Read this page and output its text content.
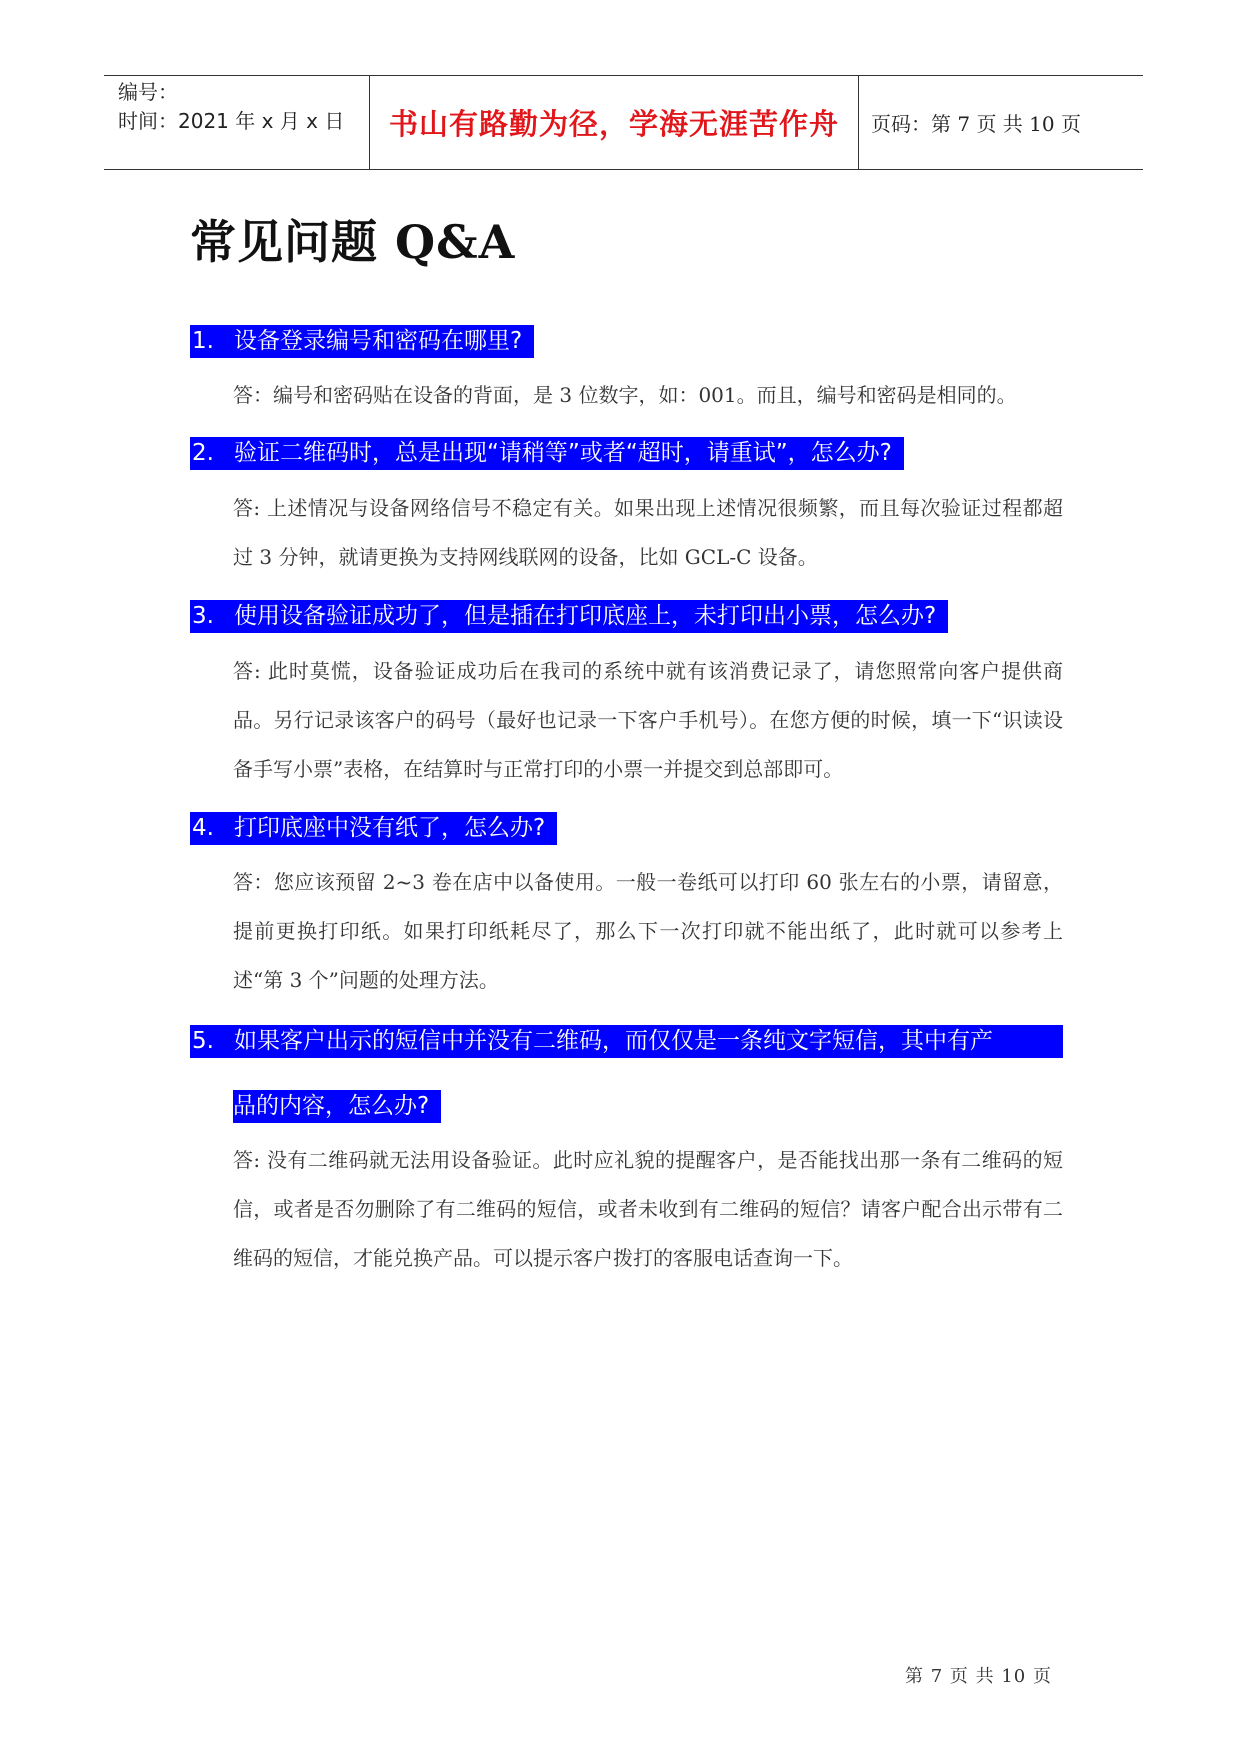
编号：
时间：2021 年 x 月 x 日	书山有路勤为径，学海无涯苦作舟	页码：第 7 页 共 10 页
常见问题 Q&A
1. 设备登录编号和密码在哪里?
答：编号和密码贴在设备的背面，是 3 位数字，如：001。而且，编号和密码是相同的。
2. 验证二维码时，总是出现“请稍等”或者“超时，请重试”，怎么办?
答: 上述情况与设备网络信号不稳定有关。如果出现上述情况很频繁，而且每次验证过程都超过 3 分钟，就请更换为支持网线联网的设备，比如 GCL-C 设备。
3. 使用设备验证成功了，但是插在打印底座上，未打印出小票，怎么办?
答: 此时莫慌，设备验证成功后在我司的系统中就有该消费记录了，请您照常向客户提供商品。另行记录该客户的码号（最好也记录一下客户手机号）。在您方便的时候，填一下“识读设备手写小票”表格，在结算时与正常打印的小票一并提交到总部即可。
4. 打印底座中没有纸了，怎么办?
答：您应该预留 2~3 卷在店中以备使用。一般一卷纸可以打印 60 张左右的小票，请留意，提前更换打印纸。如果打印纸耗尽了，那么下一次打印就不能出纸了，此时就可以参考上述“第 3 个”问题的处理方法。
5. 如果客户出示的短信中并没有二维码，而仅仅是一条纯文字短信，其中有产
品的内容，怎么办?
答: 没有二维码就无法用设备验证。此时应礼貌的提醒客户，是否能找出那一条有二维码的短信，或者是否勿删除了有二维码的短信，或者未收到有二维码的短信？请客户配合出示带有二维码的短信，才能兑换产品。可以提示客户拨打的客服电话查询一下。
第 7 页 共 10 页
